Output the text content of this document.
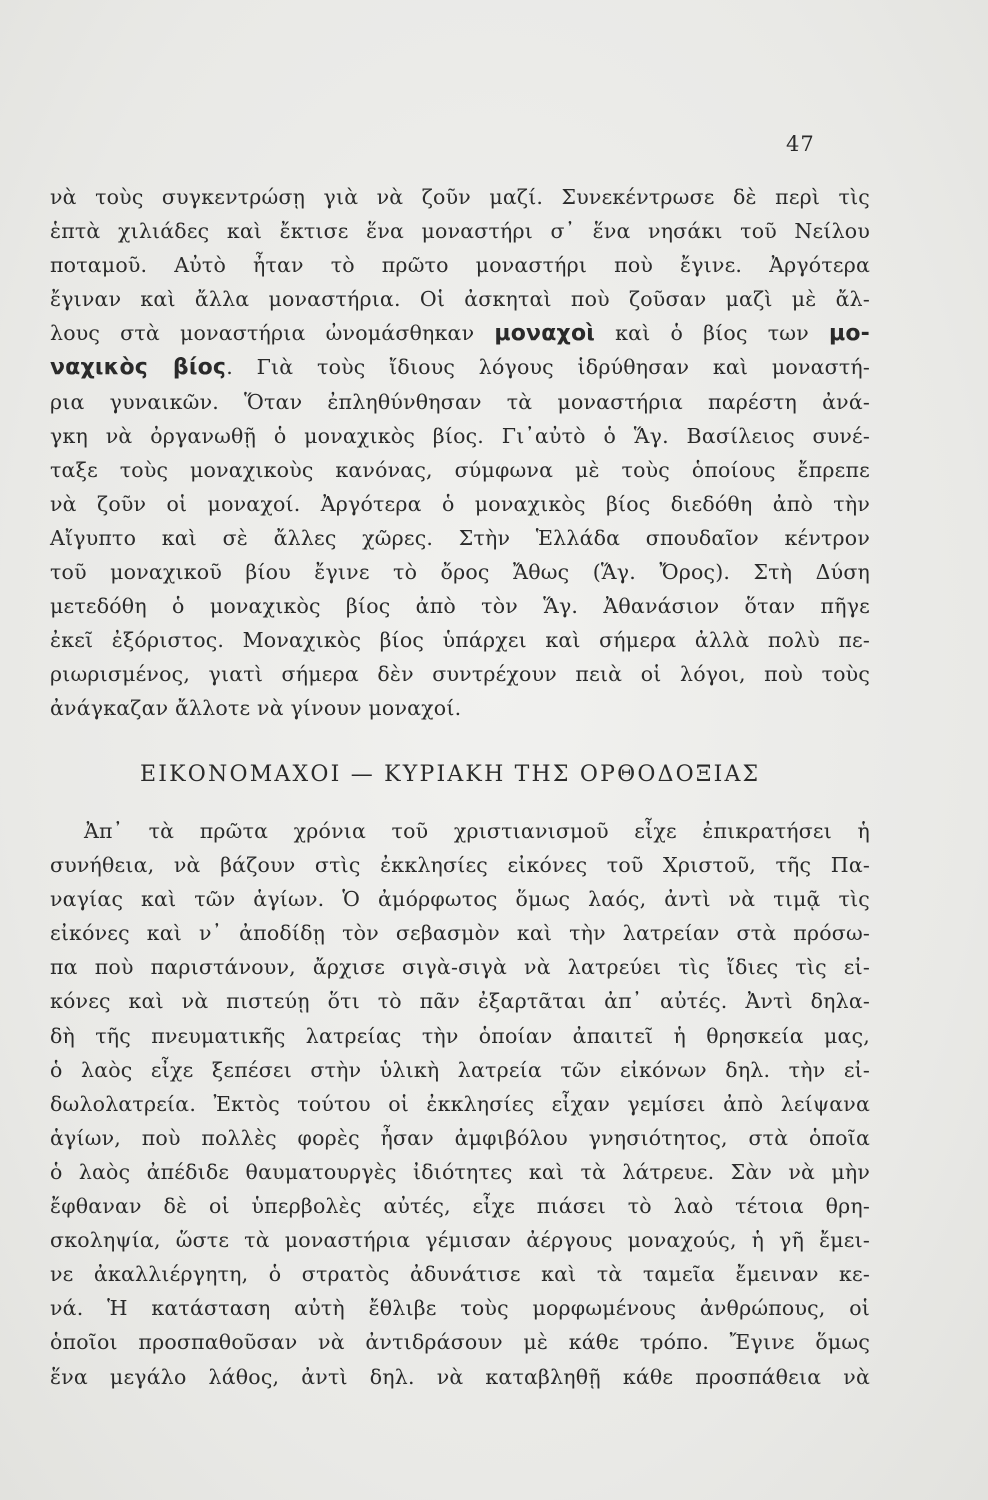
47
νὰ τοὺς συγκεντρώσῃ γιὰ νὰ ζοῦν μαζί. Συνεκέντρωσε δὲ περὶ τὶς
ἑπτὰ χιλιάδες καὶ ἔκτισε ἕνα μοναστήρι σ᾿ ἕνα νησάκι τοῦ Νείλου
ποταμοῦ. Αὐτὸ ἦταν τὸ πρῶτο μοναστήρι ποὺ ἔγινε. Ἀργότερα
ἔγιναν καὶ ἄλλα μοναστήρια. Οἱ ἀσκηταὶ ποὺ ζοῦσαν μαζὶ μὲ ἄλ-
λους στὰ μοναστήρια ὠνομάσθηκαν μοναχοὶ καὶ ὁ βίος των μο-
ναχικὸς βίος. Γιὰ τοὺς ἴδιους λόγους ἱδρύθησαν καὶ μοναστή-
ρια γυναικῶν. Ὅταν ἐπληθύνθησαν τὰ μοναστήρια παρέστη ἀνά-
γκη νὰ ὀργανωθῇ ὁ μοναχικὸς βίος. Γι᾿αὐτὸ ὁ Ἅγ. Βασίλειος συνέ-
ταξε τοὺς μοναχικοὺς κανόνας, σύμφωνα μὲ τοὺς ὁποίους ἔπρεπε
νὰ ζοῦν οἱ μοναχοί. Ἀργότερα ὁ μοναχικὸς βίος διεδόθη ἀπὸ τὴν
Αἴγυπτο καὶ σὲ ἄλλες χῶρες. Στὴν Ἑλλάδα σπουδαῖον κέντρον
τοῦ μοναχικοῦ βίου ἔγινε τὸ ὄρος Ἄθως (Ἅγ. Ὄρος). Στὴ Δύση
μετεδόθη ὁ μοναχικὸς βίος ἀπὸ τὸν Ἅγ. Ἀθανάσιον ὅταν πῆγε
ἐκεῖ ἐξόριστος. Μοναχικὸς βίος ὑπάρχει καὶ σήμερα ἀλλὰ πολὺ πε-
ριωρισμένος, γιατὶ σήμερα δὲν συντρέχουν πειὰ οἱ λόγοι, ποὺ τοὺς
ἀνάγκαζαν ἄλλοτε νὰ γίνουν μοναχοί.
ΕΙΚΟΝΟΜΑΧΟΙ — ΚΥΡΙΑΚΗ ΤΗΣ ΟΡΘΟΔΟΞΙΑΣ
Ἀπ᾿ τὰ πρῶτα χρόνια τοῦ χριστιανισμοῦ εἶχε ἐπικρατήσει ἡ
συνήθεια, νὰ βάζουν στὶς ἐκκλησίες εἰκόνες τοῦ Χριστοῦ, τῆς Πα-
ναγίας καὶ τῶν ἁγίων. Ὁ ἀμόρφωτος ὅμως λαός, ἀντὶ νὰ τιμᾷ τὶς
εἰκόνες καὶ ν᾿ ἀποδίδῃ τὸν σεβασμὸν καὶ τὴν λατρείαν στὰ πρόσω-
πα ποὺ παριστάνουν, ἄρχισε σιγὰ-σιγὰ νὰ λατρεύει τὶς ἴδιες τὶς εἰ-
κόνες καὶ νὰ πιστεύῃ ὅτι τὸ πᾶν ἐξαρτᾶται ἀπ᾿ αὐτές. Ἀντὶ δηλα-
δὴ τῆς πνευματικῆς λατρείας τὴν ὁποίαν ἀπαιτεῖ ἡ θρησκεία μας,
ὁ λαὸς εἶχε ξεπέσει στὴν ὑλικὴ λατρεία τῶν εἰκόνων δηλ. τὴν εἰ-
δωλολατρεία. Ἐκτὸς τούτου οἱ ἐκκλησίες εἶχαν γεμίσει ἀπὸ λείψανα
ἁγίων, ποὺ πολλὲς φορὲς ἦσαν ἀμφιβόλου γνησιότητος, στὰ ὁποῖα
ὁ λαὸς ἀπέδιδε θαυματουργὲς ἰδιότητες καὶ τὰ λάτρευε. Σὰν νὰ μὴν
ἔφθαναν δὲ οἱ ὑπερβολὲς αὐτές, εἶχε πιάσει τὸ λαὸ τέτοια θρη-
σκοληψία, ὥστε τὰ μοναστήρια γέμισαν ἀέργους μοναχούς, ἡ γῆ ἔμει-
νε ἀκαλλιέργητη, ὁ στρατὸς ἀδυνάτισε καὶ τὰ ταμεῖα ἔμειναν κε-
νά. Ἡ κατάσταση αὐτὴ ἔθλιβε τοὺς μορφωμένους ἀνθρώπους, οἱ
ὁποῖοι προσπαθοῦσαν νὰ ἀντιδράσουν μὲ κάθε τρόπο. Ἔγινε ὅμως
ἕνα μεγάλο λάθος, ἀντὶ δηλ. νὰ καταβληθῇ κάθε προσπάθεια νὰ
